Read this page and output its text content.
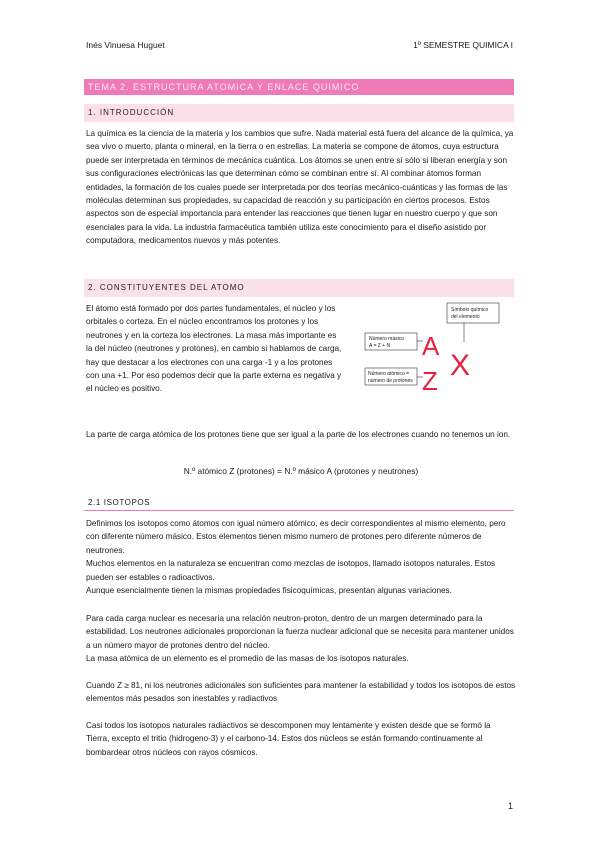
Inés Vinuesa Huguet	1º SEMESTRE QUIMICA I
TEMA 2. ESTRUCTURA ATOMICA Y ENLACE QUIMICO
1. INTRODUCCIÓN

La química es la ciencia de la materia y los cambios que sufre. Nada material está fuera del alcance de la química, ya sea vivo o muerto, planta o mineral, en la tierra o en estrellas. La materia se compone de átomos, cuya estructura puede ser interpretada en términos de mecánica cuántica. Los átomos se unen entre sí sólo si liberan energía y son sus configuraciones electrónicas las que determinan cómo se combinan entre sí. Al combinar átomos forman entidades, la formación de los cuales puede ser interpretada por dos teorías mecánico-cuánticas y las formas de las moléculas determinan sus propiedades, su capacidad de reacción y su participación en ciertos procesos. Estos aspectos son de especial importancia para entender las reacciones que tienen lugar en nuestro cuerpo y que son esenciales para la vida. La industria farmacéutica también utiliza este conocimiento para el diseño asistido por computadora, medicamentos nuevos y más potentes.

2. CONSTITUYENTES DEL ATOMO

El átomo está formado por dos partes fundamentales, el núcleo y los orbitales o corteza. En el núcleo encontramos los protones y los neutrones y en la corteza los electrones. La masa más importante es la del núcleo (neutrones y protones), en cambio si hablamos de carga, hay que destacar a los electrones con una carga -1 y a los protones con una +1. Por eso podemos decir que la parte externa es negativa y el núcleo es positivo.

Número másico
A = Z + N
Símbolo químico
del elemento
Número atómico =
número de protones
A
Z X

La parte de carga atómica de los protones tiene que ser igual a la parte de los electrones cuando no tenemos un ion.

N.º atómico Z (protones) = N.º másico A (protones y neutrones)
2.1 ISOTOPOS

Definimos los isotopos como átomos con igual número atómico, es decir correspondientes al mismo elemento, pero con diferente número másico. Estos elementos tienen mismo numero de protones pero diferente números de neutrones.
Muchos elementos en la naturaleza se encuentran como mezclas de isotopos, llamado isotopos naturales. Estos pueden ser estables o radioactivos.
Aunque esencialmente tienen la mismas propiedades fisicoquímicas, presentan algunas variaciones.

Para cada carga nuclear es necesaria una relación neutron-proton, dentro de un margen determinado para la estabilidad. Los neutrones adicionales proporcionan la fuerza nuclear adicional que se necesita para mantener unidos a un número mayor de protones dentro del núcleo.
La masa atómica de un elemento es el promedio de las masas de los isotopos naturales.

Cuando Z ≥ 81, ni los neutrones adicionales son suficientes para mantener la estabilidad y todos los isotopos de estos elementos más pesados son inestables y radiactivos

Casi todos los isotopos naturales radiactivos se descomponen muy lentamente y existen desde que se formó la Tierra, excepto el tritio (hidrogeno-3) y el carbono-14. Estos dos núcleos se están formando continuamente al bombardear otros núcleos con rayos cósmicos.

1
